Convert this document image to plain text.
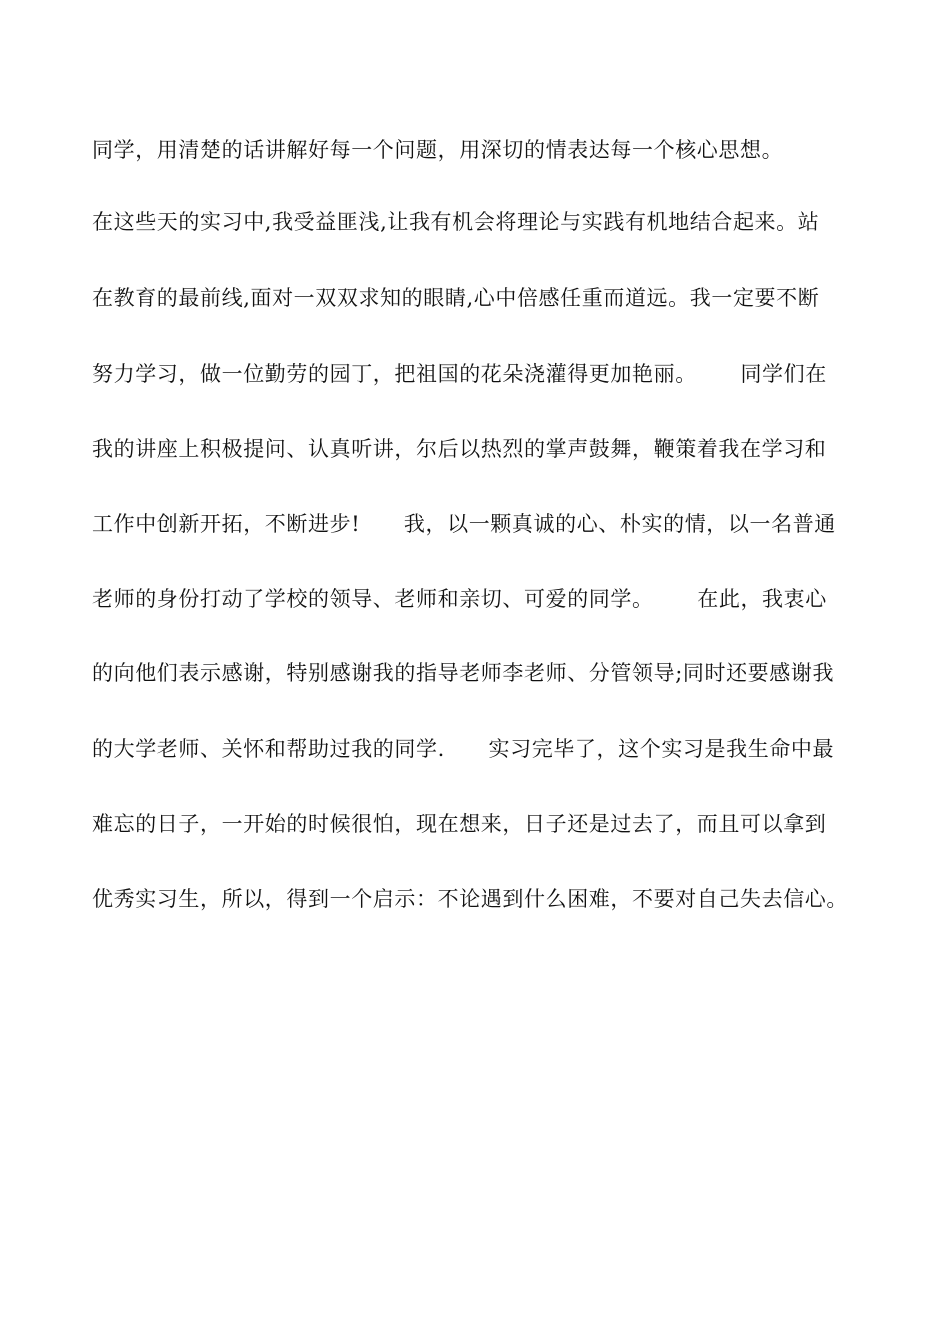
同学，用清楚的话讲解好每一个问题，用深切的情表达每一个核心思想。
在这些天的实习中,我受益匪浅,让我有机会将理论与实践有机地结合起来。站
在教育的最前线,面对一双双求知的眼睛,心中倍感任重而道远。我一定要不断
努力学习，做一位勤劳的园丁，把祖国的花朵浇灌得更加艳丽。      同学们在
我的讲座上积极提问、认真听讲，尔后以热烈的掌声鼓舞，鞭策着我在学习和
工作中创新开拓，不断进步!      我，以一颗真诚的心、朴实的情，以一名普通
老师的身份打动了学校的领导、老师和亲切、可爱的同学。      在此，我衷心
的向他们表示感谢，特别感谢我的指导老师李老师、分管领导;同时还要感谢我
的大学老师、关怀和帮助过我的同学.      实习完毕了，这个实习是我生命中最
难忘的日子，一开始的时候很怕，现在想来，日子还是过去了，而且可以拿到
优秀实习生，所以，得到一个启示：不论遇到什么困难，不要对自己失去信心。
